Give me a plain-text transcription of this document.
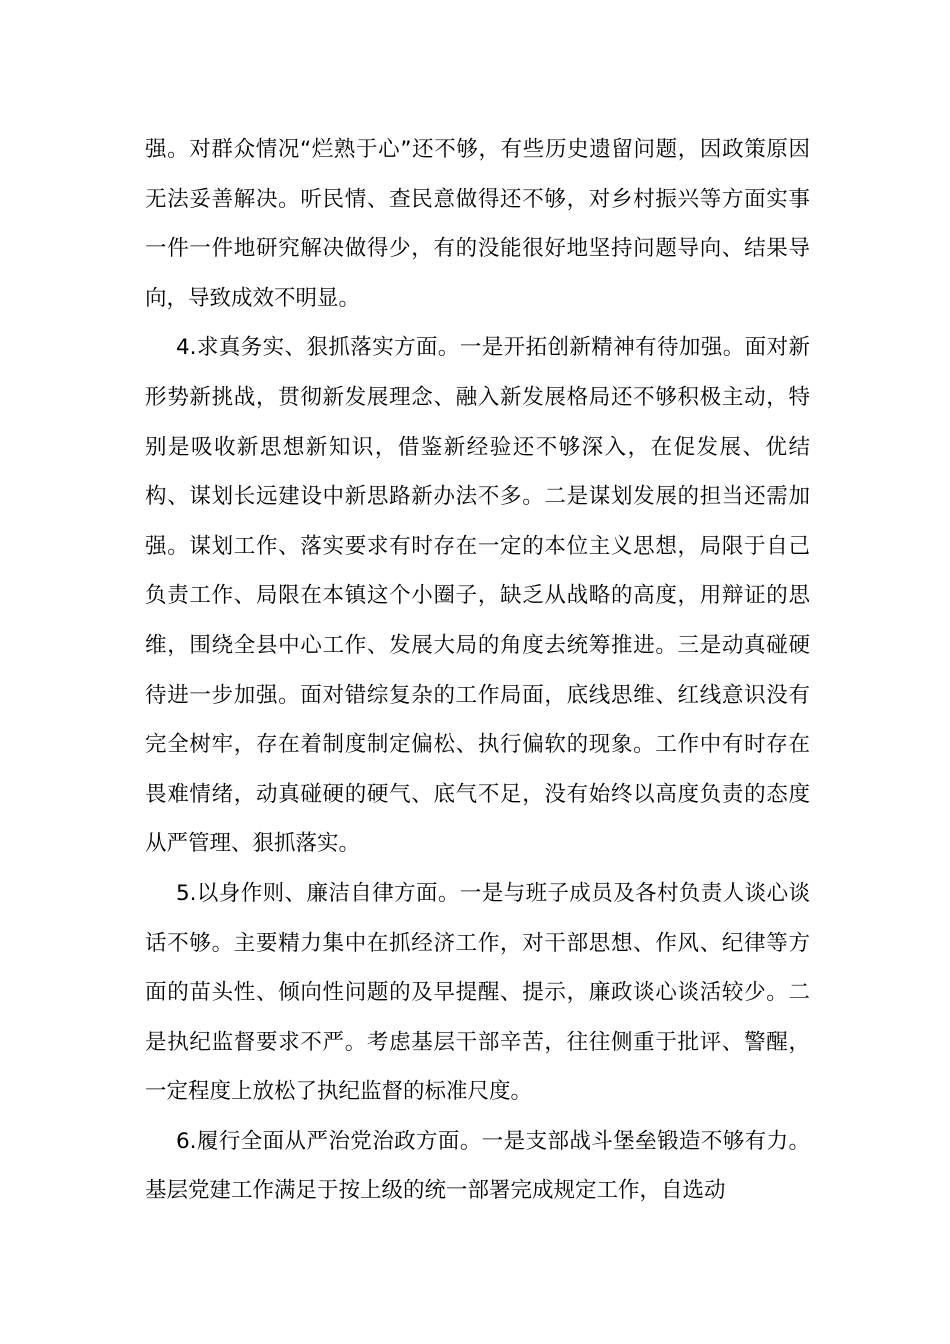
强。对群众情况“烂熟于心”还不够，有些历史遗留问题，因政策原因无法妥善解决。听民情、查民意做得还不够，对乡村振兴等方面实事一件一件地研究解决做得少，有的没能很好地坚持问题导向、结果导向，导致成效不明显。

4.求真务实、狠抓落实方面。一是开拓创新精神有待加强。面对新形势新挑战，贯彻新发展理念、融入新发展格局还不够积极主动，特别是吸收新思想新知识，借鉴新经验还不够深入，在促发展、优结构、谋划长远建设中新思路新办法不多。二是谋划发展的担当还需加强。谋划工作、落实要求有时存在一定的本位主义思想，局限于自己负责工作、局限在本镇这个小圈子，缺乏从战略的高度，用辩证的思维，围绕全县中心工作、发展大局的角度去统筹推进。三是动真碰硬待进一步加强。面对错综复杂的工作局面，底线思维、红线意识没有完全树牢，存在着制度制定偏松、执行偏软的现象。工作中有时存在畏难情绪，动真碰硬的硬气、底气不足，没有始终以高度负责的态度从严管理、狠抓落实。

5.以身作则、廉洁自律方面。一是与班子成员及各村负责人谈心谈话不够。主要精力集中在抓经济工作，对干部思想、作风、纪律等方面的苗头性、倾向性问题的及早提醒、提示，廉政谈心谈活较少。二是执纪监督要求不严。考虑基层干部辛苦，往往侧重于批评、警醒，一定程度上放松了执纪监督的标准尺度。

6.履行全面从严治党治政方面。一是支部战斗堡垒锻造不够有力。基层党建工作满足于按上级的统一部署完成规定工作，自选动
